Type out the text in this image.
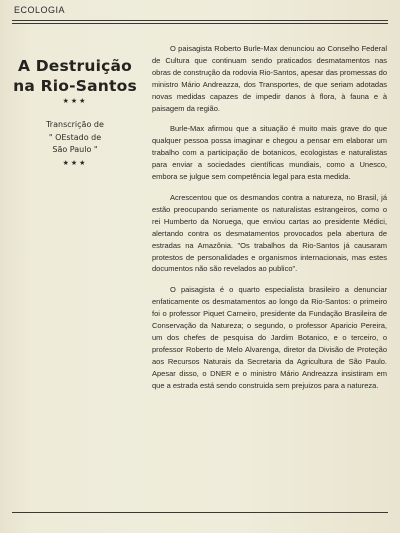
ECOLOGIA
A Destruição
na Rio-Santos
★★★
Transcrição de
" OEstado de
São Paulo "
★★★

O paisagista Roberto Burle-Max denunciou ao Conselho Federal de Cultura que continuam sendo praticados desmatamentos nas obras de construção da rodovia Rio-Santos, apesar das promessas do ministro Mário Andreazza, dos Transportes, de que seriam adotadas novas medidas capazes de impedir danos à flora, à fauna e à paisagem da região.

Burle-Max afirmou que a situação é muito mais grave do que qualquer pessoa possa imaginar e chegou a pensar em elaborar um trabalho com a participação de botanicos, ecologistas e naturalistas para enviar a sociedades científicas mundiais, como a Unesco, embora se julgue sem competência legal para esta medida.

Acrescentou que os desmandos contra a natureza, no Brasil, já estão preocupando seriamente os naturalistas estrangeiros, como o rei Humberto da Noruega, que enviou cartas ao presidente Médici, alertando contra os desmatamentos provocados pela abertura de estradas na Amazônia. "Os trabalhos da Rio-Santos já causaram protestos de personalidades e organismos internacionais, mas estes documentos não são revelados ao publico".

O paisagista é o quarto especialista brasileiro a denunciar enfaticamente os desmatamentos ao longo da Rio-Santos: o primeiro foi o professor Piquet Carneiro, presidente da Fundação Brasileira de Conservação da Natureza; o segundo, o professor Aparicio Pereira, um dos chefes de pesquisa do Jardim Botanico, e o terceiro, o professor Roberto de Melo Alvarenga, diretor da Divisão de Proteção aos Recursos Naturais da Secretaria da Agricultura de São Paulo. Apesar disso, o DNER e o ministro Mário Andreazza insistiram em que a estrada está sendo construida sem prejuizos para a natureza.
